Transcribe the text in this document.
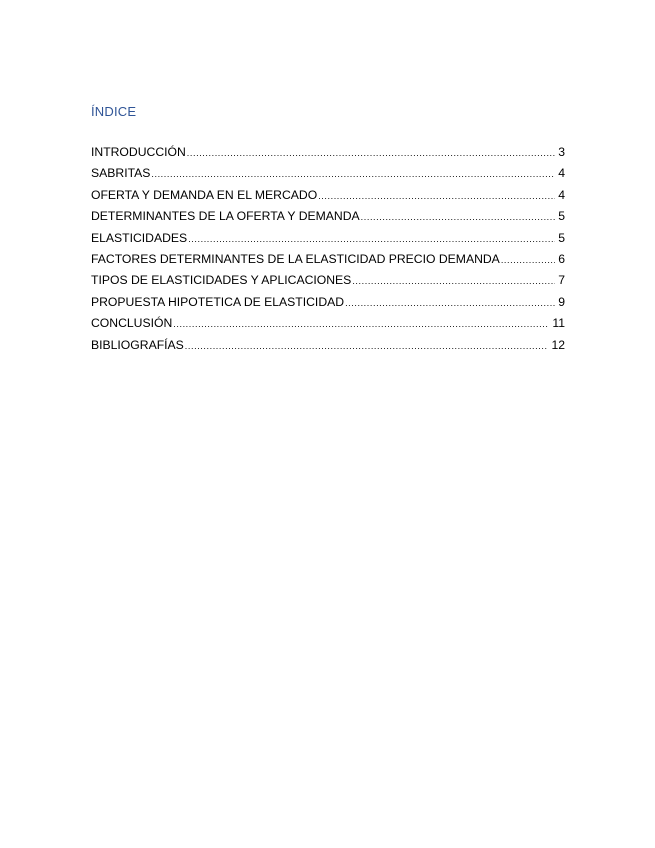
ÍNDICE
INTRODUCCIÓN .....	3
SABRITAS .....	4
OFERTA Y DEMANDA EN EL MERCADO .....	4
DETERMINANTES DE LA OFERTA Y DEMANDA .....	5
ELASTICIDADES .....	5
FACTORES DETERMINANTES DE LA ELASTICIDAD PRECIO DEMANDA .....	6
TIPOS DE ELASTICIDADES Y APLICACIONES .....	7
PROPUESTA HIPOTETICA DE ELASTICIDAD .....	9
CONCLUSIÓN .....	11
BIBLIOGRAFÍAS .....	12
